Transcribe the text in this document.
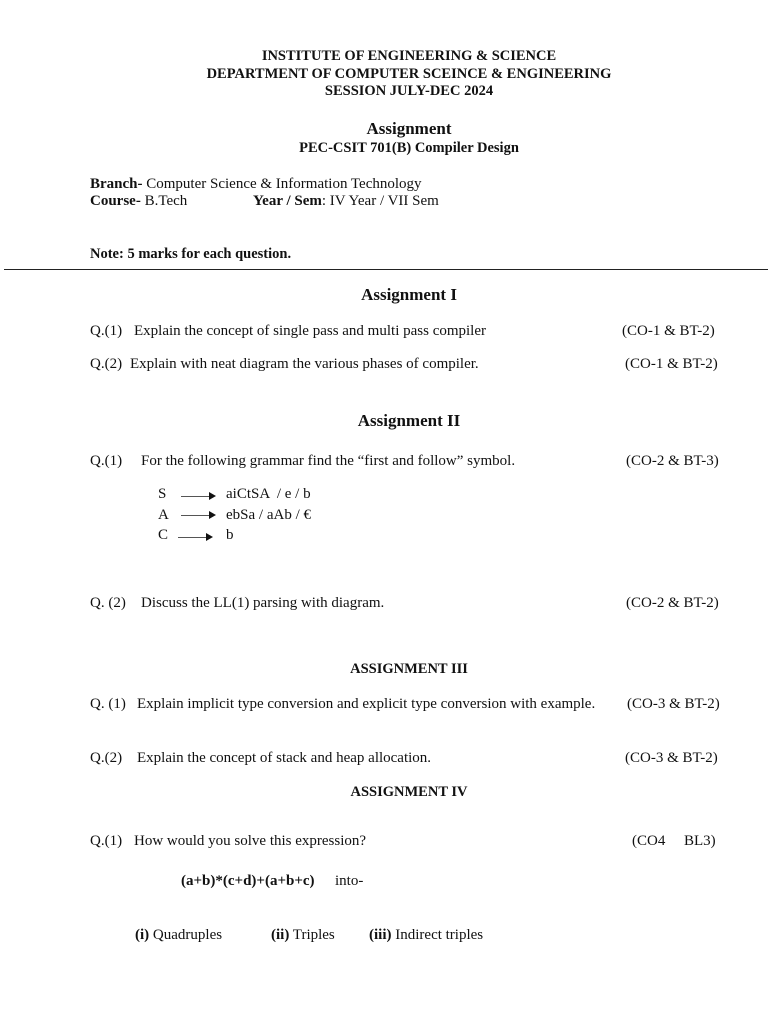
INSTITUTE OF ENGINEERING & SCIENCE
DEPARTMENT OF COMPUTER SCEINCE & ENGINEERING
SESSION JULY-DEC 2024
Assignment
PEC-CSIT 701(B) Compiler Design
Branch- Computer Science & Information Technology
Course- B.Tech	Year / Sem: IV Year / VII Sem
Note: 5 marks for each question.
Assignment I
Q.(1) Explain the concept of single pass and multi pass compiler	(CO-1 & BT-2)
Q.(2) Explain with neat diagram the various phases of compiler.	(CO-1 & BT-2)
Assignment II
Q.(1) For the following grammar find the “first and follow” symbol.	(CO-2 & BT-3)
S	aiCtSA  / e / b
A	ebSa / aAb / €
C	b
Q. (2) Discuss the LL(1) parsing with diagram.	(CO-2 & BT-2)
ASSIGNMENT III
Q. (1) Explain implicit type conversion and explicit type conversion with example. (CO-3 & BT-2)
Q.(2) Explain the concept of stack and heap allocation.	(CO-3 & BT-2)
ASSIGNMENT IV
Q.(1) How would you solve this expression?	(CO4 BL3)
(a+b)*(c+d)+(a+b+c) into-
(i) Quadruples	(ii) Triples (iii) Indirect triples
